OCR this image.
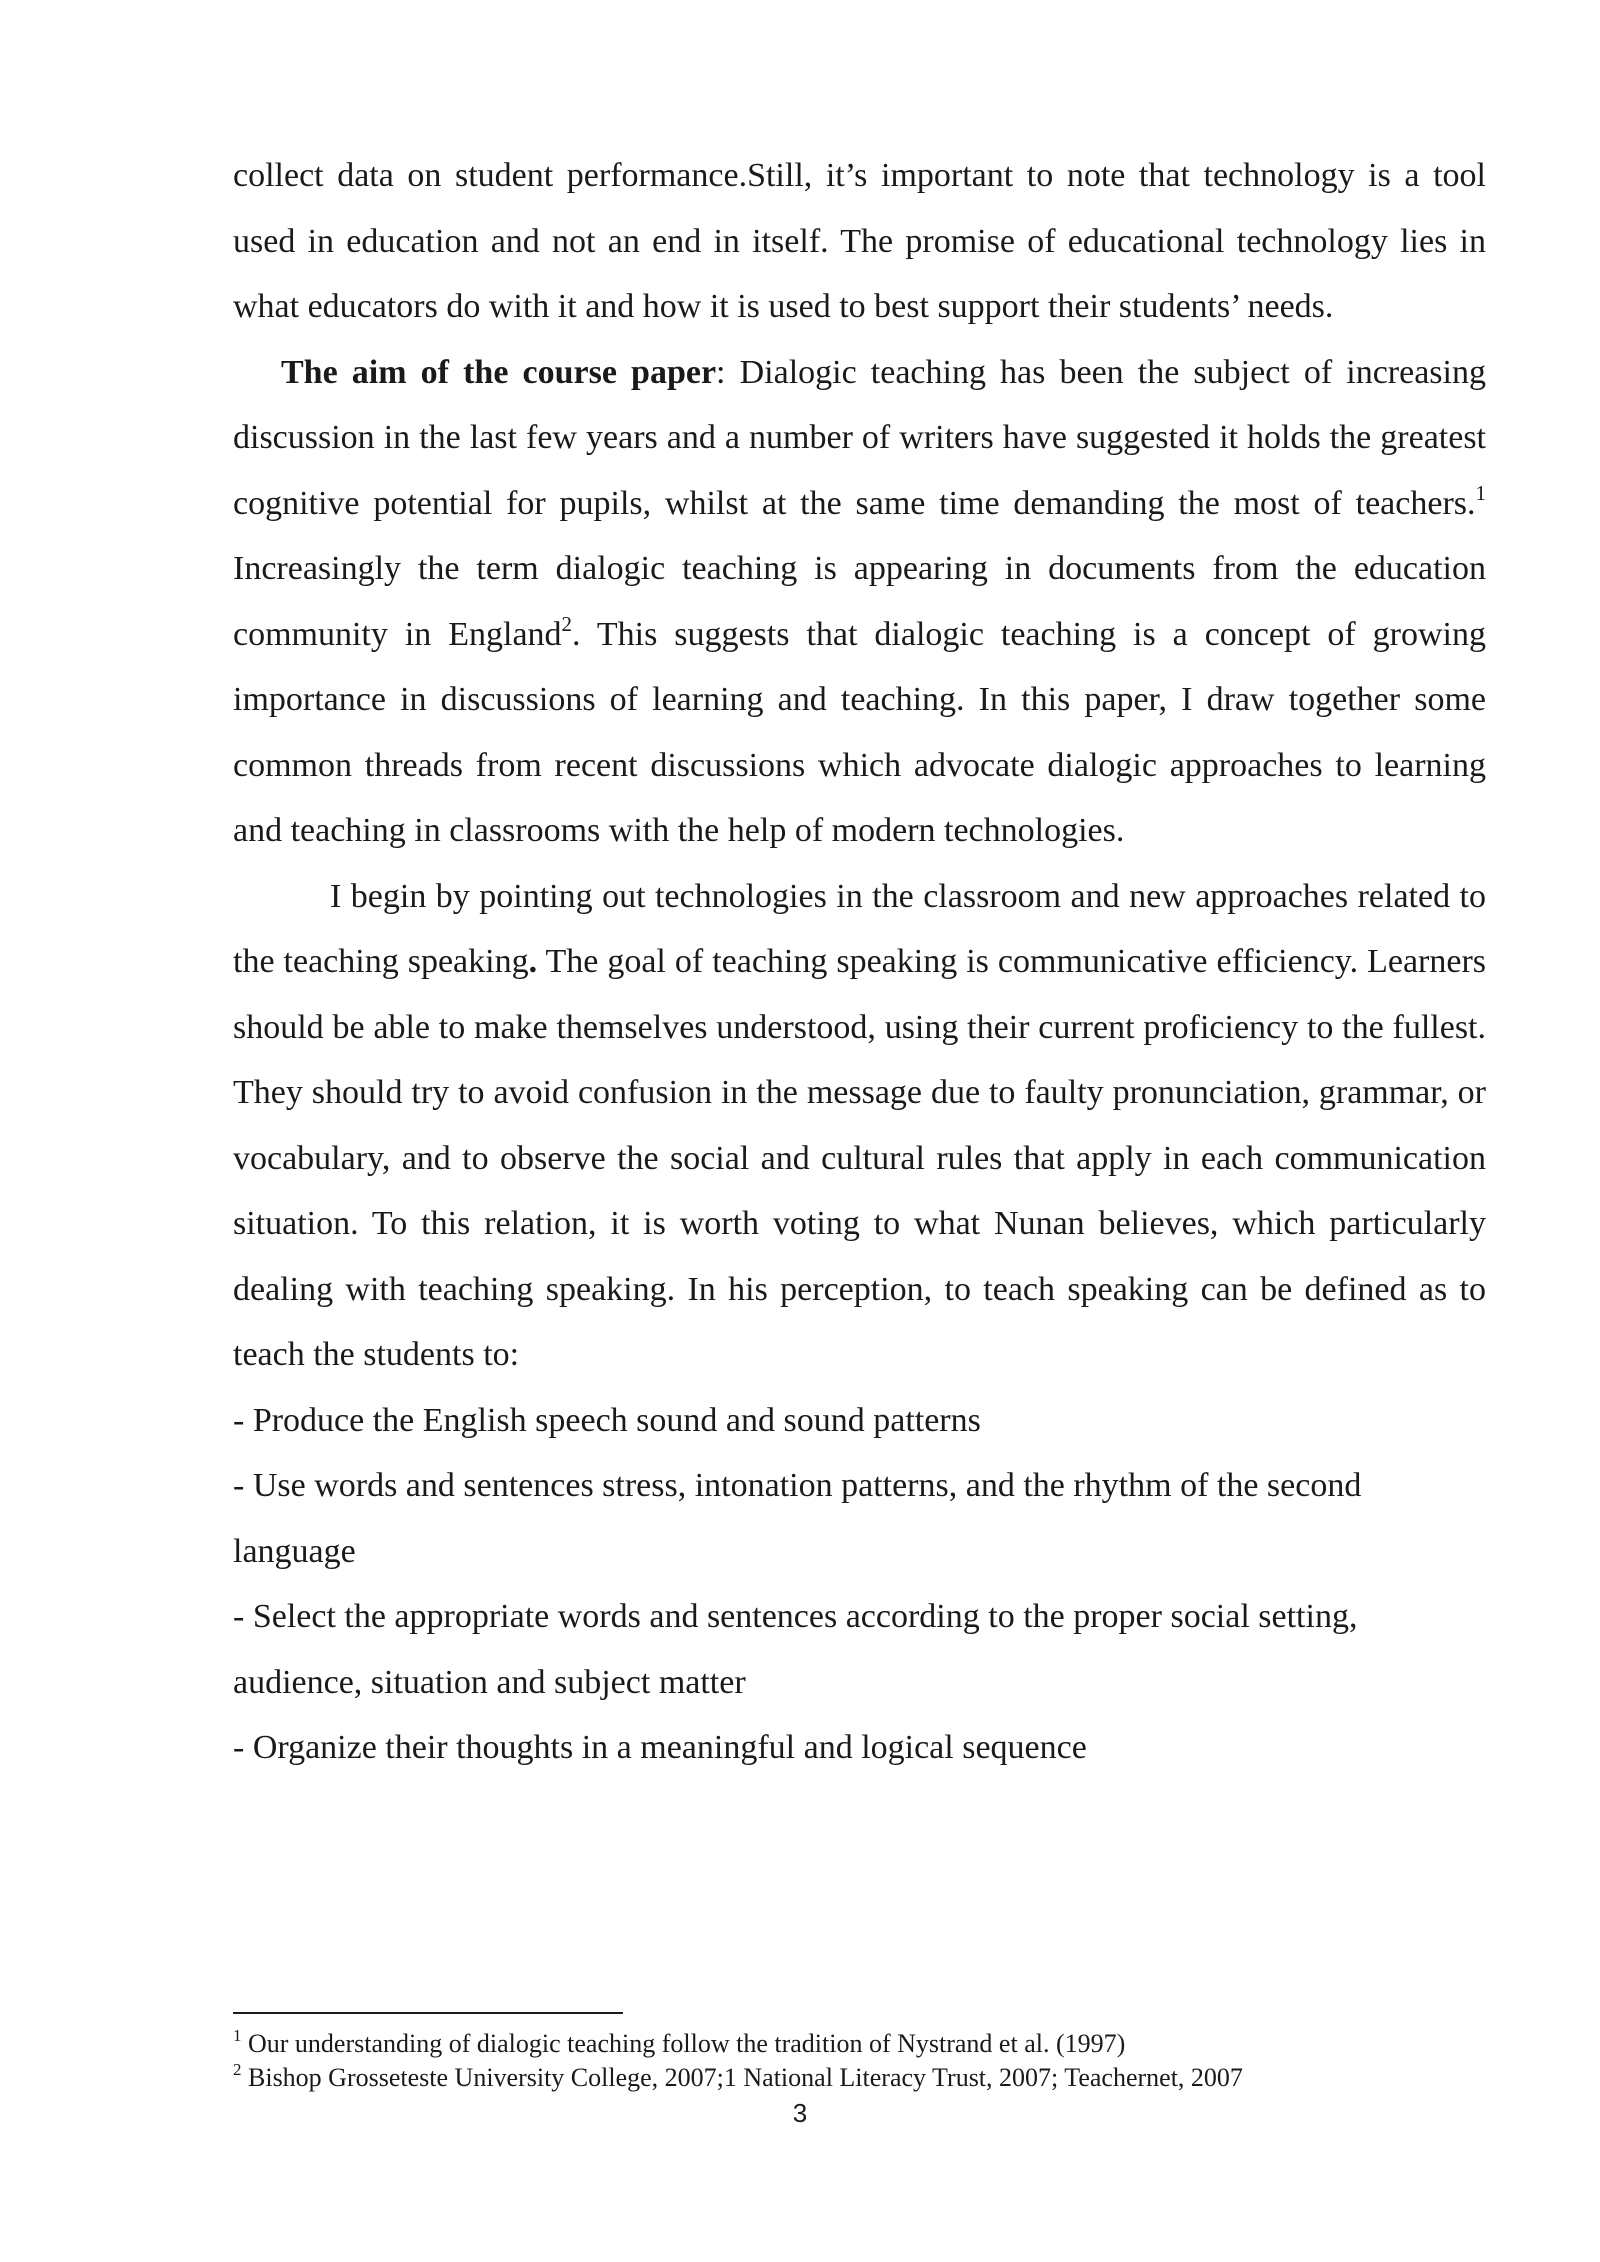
collect data on student performance.Still, it’s important to note that technology is a tool used in education and not an end in itself. The promise of educational technology lies in what educators do with it and how it is used to best support their students’ needs.

The aim of the course paper: Dialogic teaching has been the subject of increasing discussion in the last few years and a number of writers have suggested it holds the greatest cognitive potential for pupils, whilst at the same time demanding the most of teachers.$^1$ Increasingly the term dialogic teaching is appearing in documents from the education community in England$^2$. This suggests that dialogic teaching is a concept of growing importance in discussions of learning and teaching. In this paper, I draw together some common threads from recent discussions which advocate dialogic approaches to learning and teaching in classrooms with the help of modern technologies.

I begin by pointing out technologies in the classroom and new approaches related to the teaching speaking. The goal of teaching speaking is communicative efficiency. Learners should be able to make themselves understood, using their current proficiency to the fullest. They should try to avoid confusion in the message due to faulty pronunciation, grammar, or vocabulary, and to observe the social and cultural rules that apply in each communication situation. To this relation, it is worth voting to what Nunan believes, which particularly dealing with teaching speaking. In his perception, to teach speaking can be defined as to teach the students to:

- Produce the English speech sound and sound patterns

- Use words and sentences stress, intonation patterns, and the rhythm of the second language

- Select the appropriate words and sentences according to the proper social setting, audience, situation and subject matter

- Organize their thoughts in a meaningful and logical sequence

$^1$ Our understanding of dialogic teaching follow the tradition of Nystrand et al. (1997)
$^2$ Bishop Grosseteste University College, 2007;1 National Literacy Trust, 2007; Teachernet, 2007
3
